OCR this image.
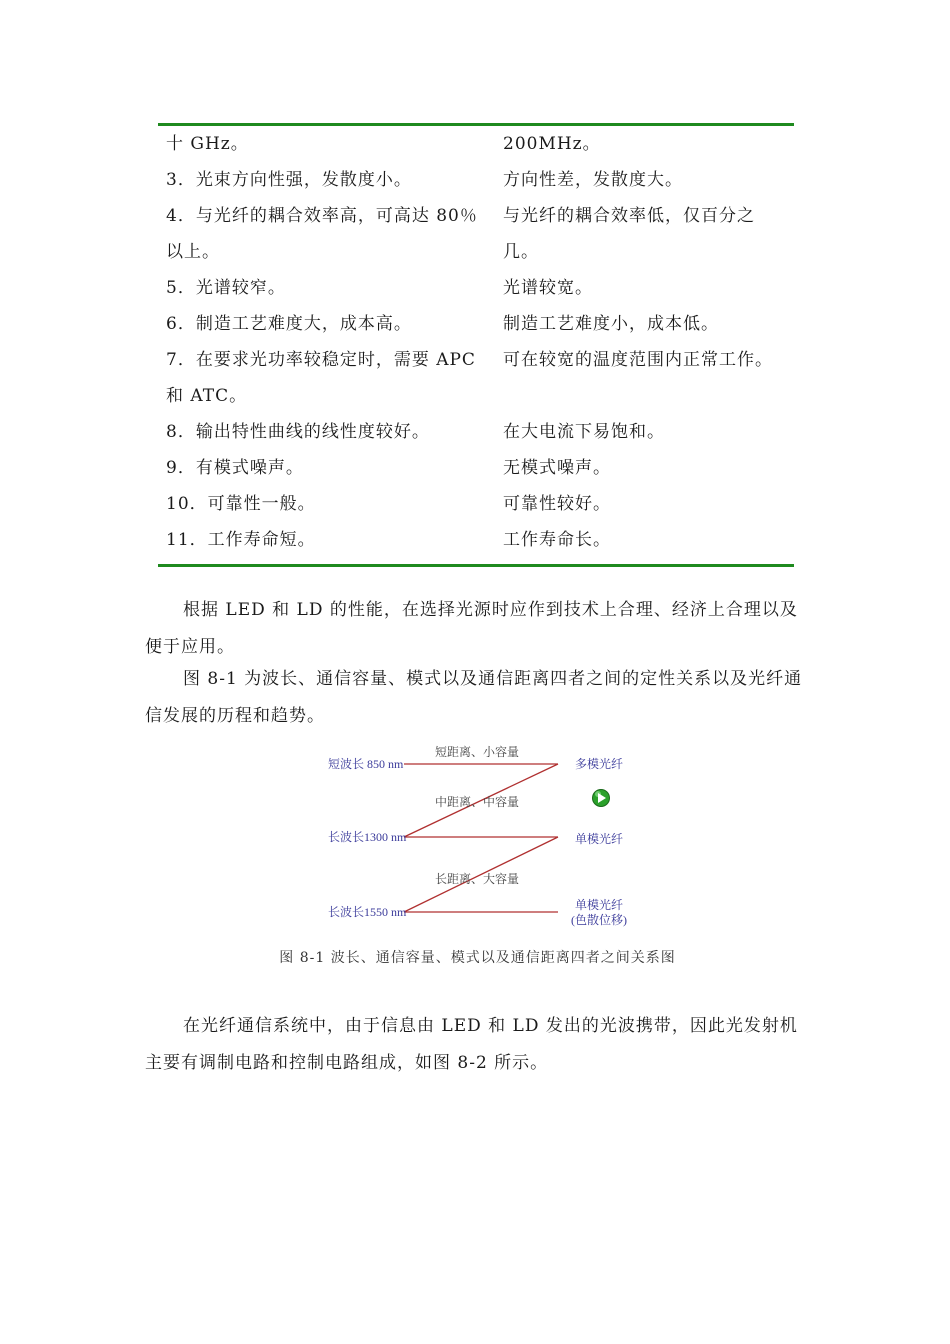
十 GHz。	200MHz。
3．光束方向性强，发散度小。	方向性差，发散度大。
4．与光纤的耦合效率高，可高达 80％	与光纤的耦合效率低，仅百分之
以上。	几。
5．光谱较窄。	光谱较宽。
6．制造工艺难度大，成本高。	制造工艺难度小，成本低。
7．在要求光功率较稳定时，需要 APC	可在较宽的温度范围内正常工作。
和 ATC。	
8．输出特性曲线的线性度较好。	在大电流下易饱和。
9．有模式噪声。	无模式噪声。
10．可靠性一般。	可靠性较好。
11．工作寿命短。	工作寿命长。
根据 LED 和 LD 的性能，在选择光源时应作到技术上合理、经济上合理以及便于应用。
图 8-1 为波长、通信容量、模式以及通信距离四者之间的定性关系以及光纤通信发展的历程和趋势。
短波长 850 nm
长波长1300 nm
长波长1550 nm
多模光纤
单模光纤
单模光纤
(色散位移)
短距离、小容量
中距离、中容量
长距离、大容量
图 8-1 波长、通信容量、模式以及通信距离四者之间关系图
在光纤通信系统中，由于信息由 LED 和 LD 发出的光波携带，因此光发射机主要有调制电路和控制电路组成，如图 8-2 所示。
